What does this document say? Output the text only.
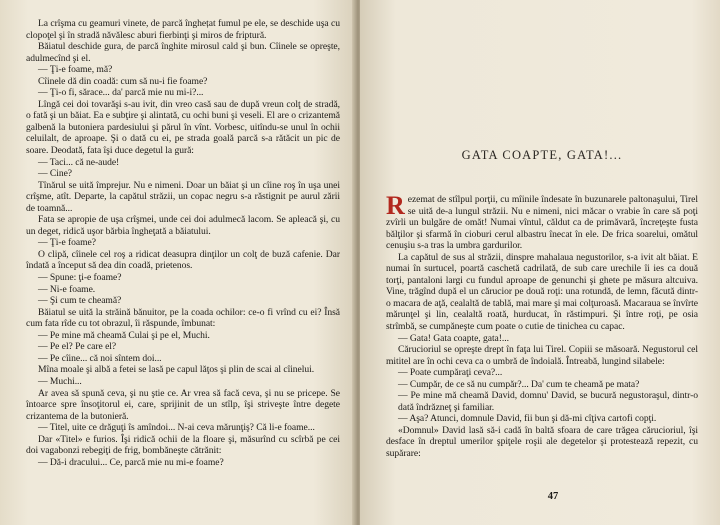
La crîşma cu geamuri vinete, de parcă înghețat fumul pe ele, se deschide uşa cu clopoţel şi în stradă năvălesc aburi fierbinţi şi miros de friptură.

Băiatul deschide gura, de parcă înghite mirosul cald şi bun. Cîinele se opreşte, adulmecînd şi el.

— Ţi-e foame, mă?

Cîinele dă din coadă: cum să nu-i fie foame?

— Ţi-o fi, sărace... da' parcă mie nu mi-i?...

Lîngă cei doi tovarăşi s-au ivit, din vreo casă sau de după vreun colţ de stradă, o fată şi un băiat. Ea e subţire şi alintată, cu ochi buni şi veseli. El are o crizantemă galbenă la butoniera pardesiului şi părul în vînt. Vorbesc, uitîndu-se unul în ochii celuilalt, de aproape. Şi o dată cu ei, pe strada goală parcă s-a rătăcit un pic de soare. Deodată, fata îşi duce degetul la gură:

— Taci... că ne-aude!

— Cine?

Tînărul se uită împrejur. Nu e nimeni. Doar un băiat şi un cîine roş în uşa unei crîşme, atît. Departe, la capătul străzii, un copac negru s-a răstignit pe aurul zării de toamnă...

Fata se apropie de uşa crîşmei, unde cei doi adulmecă lacom. Se apleacă şi, cu un deget, ridică uşor bărbia îngheţată a băiatului.

— Ţi-e foame?

O clipă, cîinele cel roş a ridicat deasupra dinţilor un colţ de buză cafenie. Dar îndată a început să dea din coadă, prietenos.

— Spune: ţi-e foame?

— Ni-e foame.

— Şi cum te cheamă?

Băiatul se uită la străină bănuitor, pe la coada ochilor: ce-o fi vrînd cu ei? Însă cum fata rîde cu tot obrazul, îi răspunde, îmbunat:

— Pe mine mă cheamă Culai şi pe el, Muchi.

— Pe el? Pe care el?

— Pe cîine... că noi sîntem doi...

Mîna moale şi albă a fetei se lasă pe capul lăţos şi plin de scai al cîinelui.

— Muchi...

Ar avea să spună ceva, şi nu ştie ce. Ar vrea să facă ceva, şi nu se pricepe. Se întoarce spre însoţitorul ei, care, sprijinit de un stîlp, îşi striveşte între degete crizantema de la butonieră.

— Titel, uite ce drăguţi îs amîndoi... N-ai ceva mărunţiş? Că li-e foame...

Dar «Titel» e furios. Îşi ridică ochii de la floare şi, măsurînd cu scîrbă pe cei doi vagabonzi rebegiţi de frig, bombăneşte cătrănit:

— Dă-i dracului... Ce, parcă mie nu mi-e foame?

GATA COAPTE, GATA!...

Rezemat de stîlpul porţii, cu mîinile îndesate în buzunarele paltonaşului, Tirel se uită de-a lungul străzii. Nu e nimeni, nici măcar o vrabie în care să poţi zvîrli un bulgăre de omăt! Numai vîntul, căldut ca de primăvară, încreţeşte fusta bălţilor şi sfarmă în cioburi cerul albastru înecat în ele. De frica soarelui, omătul cenuşiu s-a tras la umbra gardurilor.

La capătul de sus al străzii, dinspre mahalaua negustorilor, s-a ivit alt băiat. E numai în surtucel, poartă caschetă cadrilată, de sub care urechile îi ies ca două torţi, pantaloni largi cu fundul aproape de genunchi şi ghete pe măsura altcuiva. Vine, trăgînd după el un cărucior pe două roţi: una rotundă, de lemn, făcută dintr-o macara de aţă, cealaltă de tablă, mai mare şi mai colţuroasă. Macaraua se învîrte mărunţel şi lin, cealaltă roată, hurducat, în răstimpuri. Şi între roţi, pe osia strîmbă, se cumpăneşte cum poate o cutie de tinichea cu capac.

— Gata! Gata coapte, gata!...

Cărucioriul se opreşte drept în faţa lui Tirel. Copiii se măsoară. Negustorul cel mititel are în ochi ceva ca o umbră de îndoială. Întreabă, lungind silabele:

— Poate cumpăraţi ceva?...

— Cumpăr, de ce să nu cumpăr?... Da' cum te cheamă pe mata?

— Pe mine mă cheamă David, domnu' David, se bucură negustoraşul, dintr-o dată îndrăzneţ şi familiar.

— Aşa? Atunci, domnule David, fii bun şi dă-mi cîţiva cartofi copţi.

«Domnul» David lasă să-i cadă în baltă sfoara de care trăgea cărucioriul, îşi desface în dreptul umerilor şpiţele roşii ale degetelor şi protestează repezit, cu supărare:

47
